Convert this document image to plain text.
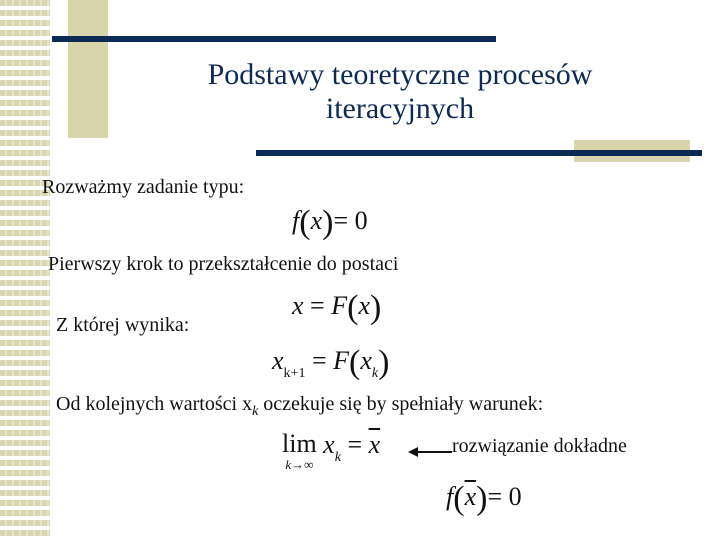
Podstawy teoretyczne procesów
iteracyjnych
Rozważmy zadanie typu:
f(x)= 0
Pierwszy krok to przekształcenie do postaci
x = F(x)
Z której wynika:
$x_{k+1} = F(x_k)$
Od kolejnych wartości $x_k$ oczekuje się by spełniały warunek:
lim
k→∞
$x_k = \overline{x}$	rozwiązanie dokładne
$f(\overline{x})= 0$
